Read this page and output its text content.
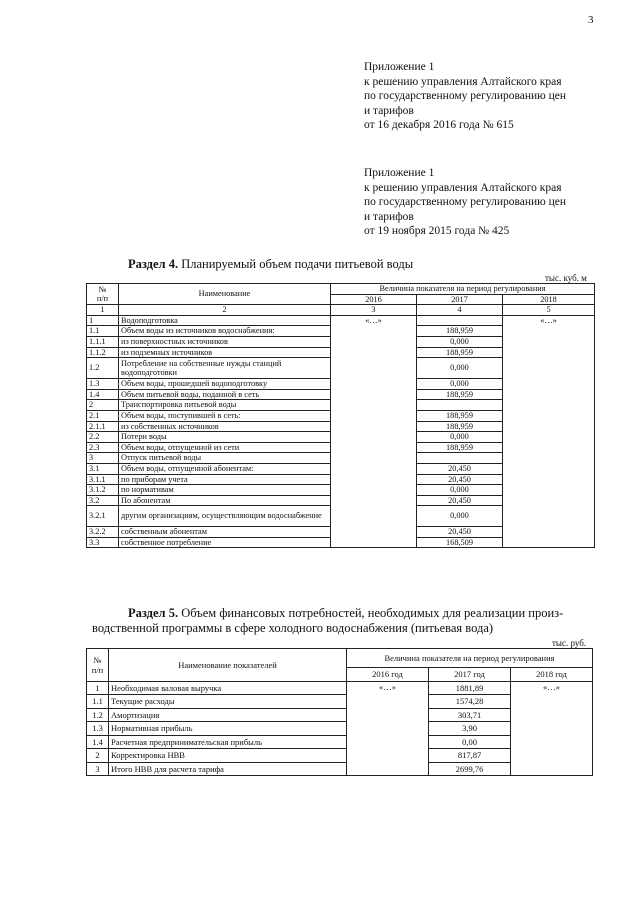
3
Приложение 1
к решению управления Алтайского края
по государственному регулированию цен
и тарифов
от 16 декабря 2016 года № 615
Приложение 1
к решению управления Алтайского края
по государственному регулированию цен
и тарифов
от 19 ноября 2015 года № 425
Раздел 4. Планируемый объем подачи питьевой воды
тыс. куб. м
№
п/п	Наименование	Величина показателя на период регулирования		
		2016	2017	2018
1	2	3	4	5
1	Водоподготовка	«…»		«…»
1.1	Объем воды из источников водоснабжения:		188,959	
1.1.1	из поверхностных источников		0,000	
1.1.2	из подземных источников		188,959	
1.2	Потребление на собственные нужды станций водоподготовки		0,000	
1.3	Объем воды, прошедшей водоподготовку		0,000	
1.4	Объем питьевой воды, поданной в сеть		188,959	
2	Транспортировка питьевой воды			
2.1	Объем воды, поступившей в сеть:		188,959	
2.1.1	из собственных источников		188,959	
2.2	Потери воды		0,000	
2.3	Объем воды, отпущенной из сети		188,959	
3	Отпуск питьевой воды			
3.1	Объем воды, отпущенной абонентам:		20,450	
3.1.1	по приборам учета		20,450	
3.1.2	по нормативам		0,000	
3.2	По абонентам		20,450	
3.2.1	другим организациям, осуществляющим водоснабжение		0,000	
3.2.2	собственным абонентам		20,450	
3.3	собственное потребление		168,509	
Раздел 5. Объем финансовых потребностей, необходимых для реализации произ-
водственной программы в сфере холодного водоснабжения (питьевая вода)
тыс. руб.
№
п/п	Наименование показателей	Величина показателя на период регулирования		
		2016 год	2017 год	2018 год
1	Необходимая валовая выручка	«…»	1881,89	«…»
1.1	Текущие расходы		1574,28	
1.2	Амортизация		303,71	
1.3	Нормативная прибыль		3,90	
1.4	Расчетная предпринимательская прибыль		0,00	
2	Корректировка НВВ		817,87	
3	Итого НВВ для расчета тарифа		2699,76	
